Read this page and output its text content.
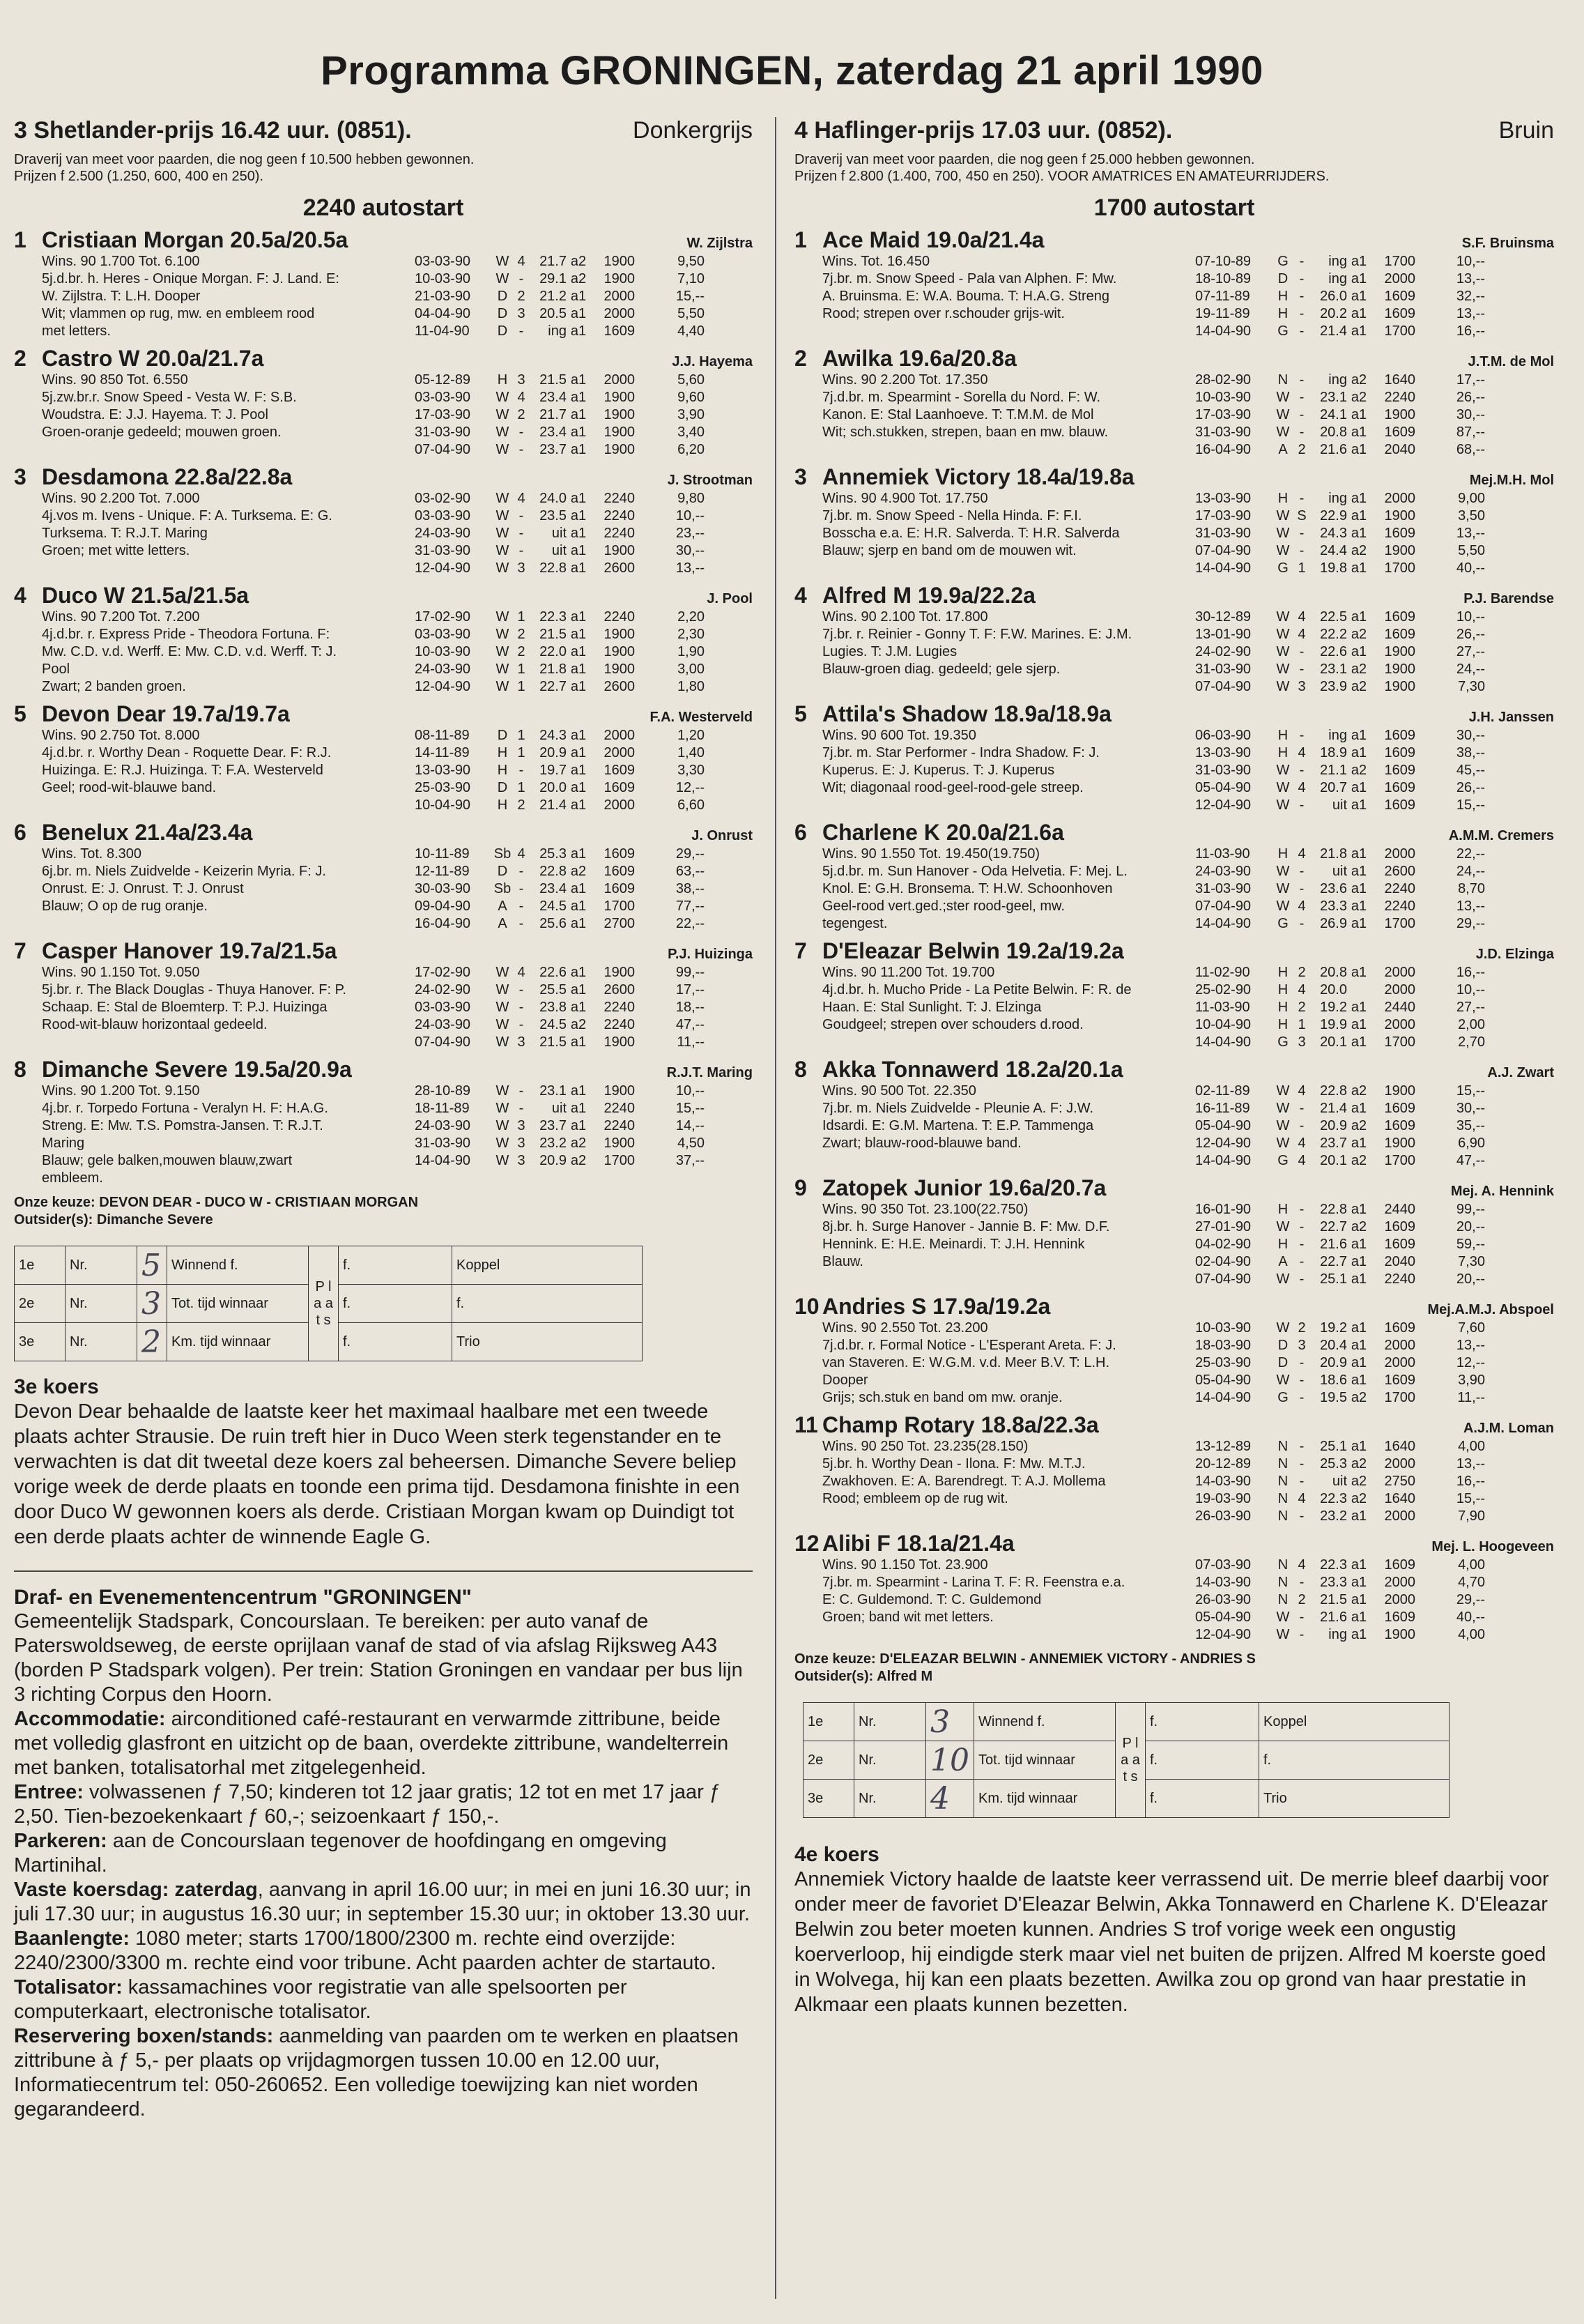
Programma GRONINGEN, zaterdag 21 april 1990
3 Shetlander-prijs 16.42 uur. (0851).	Donkergrijs
Draverij van meet voor paarden, die nog geen f 10.500 hebben gewonnen.
Prijzen f 2.500 (1.250, 600, 400 en 250).
2240 autostart
1 Cristiaan Morgan 20.5a/20.5a	W. Zijlstra
Wins. 90 1.700 Tot. 6.100
5j.d.br. h. Heres - Onique Morgan. F: J. Land. E:
W. Zijlstra. T: L.H. Dooper
Wit; vlammen op rug, mw. en embleem rood
met letters.
03-03-90	W 4	21.7 a2	1900	9,50
10-03-90	W -	29.1 a2	1900	7,10
21-03-90	D 2	21.2 a1	2000	15,--
04-04-90	D 3	20.5 a1	2000	5,50
11-04-90	D -	ing a1	1609	4,40
2 Castro W 20.0a/21.7a	J.J. Hayema
Wins. 90 850 Tot. 6.550
5j.zw.br.r. Snow Speed - Vesta W. F: S.B.
Woudstra. E: J.J. Hayema. T: J. Pool
Groen-oranje gedeeld; mouwen groen.
05-12-89	H 3	21.5 a1	2000	5,60
03-03-90	W 4	23.4 a1	1900	9,60
17-03-90	W 2	21.7 a1	1900	3,90
31-03-90	W -	23.4 a1	1900	3,40
07-04-90	W -	23.7 a1	1900	6,20
3 Desdamona 22.8a/22.8a	J. Strootman
Wins. 90 2.200 Tot. 7.000
4j.vos m. Ivens - Unique. F: A. Turksema. E: G.
Turksema. T: R.J.T. Maring
Groen; met witte letters.
03-02-90	W 4	24.0 a1	2240	9,80
03-03-90	W -	23.5 a1	2240	10,--
24-03-90	W -	uit a1	2240	23,--
31-03-90	W -	uit a1	1900	30,--
12-04-90	W 3	22.8 a1	2600	13,--
4 Duco W 21.5a/21.5a	J. Pool
Wins. 90 7.200 Tot. 7.200
4j.d.br. r. Express Pride - Theodora Fortuna. F:
Mw. C.D. v.d. Werff. E: Mw. C.D. v.d. Werff. T: J.
Pool
Zwart; 2 banden groen.
17-02-90	W 1	22.3 a1	2240	2,20
03-03-90	W 2	21.5 a1	1900	2,30
10-03-90	W 2	22.0 a1	1900	1,90
24-03-90	W 1	21.8 a1	1900	3,00
12-04-90	W 1	22.7 a1	2600	1,80
5 Devon Dear 19.7a/19.7a	F.A. Westerveld
Wins. 90 2.750 Tot. 8.000
4j.d.br. r. Worthy Dean - Roquette Dear. F: R.J.
Huizinga. E: R.J. Huizinga. T: F.A. Westerveld
Geel; rood-wit-blauwe band.
08-11-89	D 1	24.3 a1	2000	1,20
14-11-89	H 1	20.9 a1	2000	1,40
13-03-90	H -	19.7 a1	1609	3,30
25-03-90	D 1	20.0 a1	1609	12,--
10-04-90	H 2	21.4 a1	2000	6,60
6 Benelux 21.4a/23.4a	J. Onrust
Wins. Tot. 8.300
6j.br. m. Niels Zuidvelde - Keizerin Myria. F: J.
Onrust. E: J. Onrust. T: J. Onrust
Blauw; O op de rug oranje.
10-11-89	Sb 4	25.3 a1	1609	29,--
12-11-89	D -	22.8 a2	1609	63,--
30-03-90	Sb -	23.4 a1	1609	38,--
09-04-90	A -	24.5 a1	1700	77,--
16-04-90	A -	25.6 a1	2700	22,--
7 Casper Hanover 19.7a/21.5a	P.J. Huizinga
Wins. 90 1.150 Tot. 9.050
5j.br. r. The Black Douglas - Thuya Hanover. F: P.
Schaap. E: Stal de Bloemterp. T: P.J. Huizinga
Rood-wit-blauw horizontaal gedeeld.
17-02-90	W 4	22.6 a1	1900	99,--
24-02-90	W -	25.5 a1	2600	17,--
03-03-90	W -	23.8 a1	2240	18,--
24-03-90	W -	24.5 a2	2240	47,--
07-04-90	W 3	21.5 a1	1900	11,--
8 Dimanche Severe 19.5a/20.9a	R.J.T. Maring
Wins. 90 1.200 Tot. 9.150
4j.br. r. Torpedo Fortuna - Veralyn H. F: H.A.G.
Streng. E: Mw. T.S. Pomstra-Jansen. T: R.J.T.
Maring
Blauw; gele balken,mouwen blauw,zwart
embleem.
28-10-89	W -	23.1 a1	1900	10,--
18-11-89	W -	uit a1	2240	15,--
24-03-90	W 3	23.7 a1	2240	14,--
31-03-90	W 3	23.2 a2	1900	4,50
14-04-90	W 3	20.9 a2	1700	37,--
Onze keuze: DEVON DEAR - DUCO W - CRISTIAAN MORGAN
Outsider(s): Dimanche Severe
1e	Nr.	5	Winnend f.	P l a a t s	f.	Koppel
2e	Nr.	3	Tot. tijd winnaar		f.	f.
3e	Nr.	2	Km. tijd winnaar		f.	Trio
3e koers
Devon Dear behaalde de laatste keer het maximaal haalbare met een tweede plaats achter Strausie. De ruin treft hier in Duco Ween sterk tegenstander en te verwachten is dat dit tweetal deze koers zal beheersen. Dimanche Severe beliep vorige week de derde plaats en toonde een prima tijd. Desdamona finishte in een door Duco W gewonnen koers als derde. Cristiaan Morgan kwam op Duindigt tot een derde plaats achter de winnende Eagle G.
Draf- en Evenementencentrum "GRONINGEN"

Gemeentelijk Stadspark, Concourslaan. Te bereiken: per auto vanaf de Paterswoldseweg, de eerste oprijlaan vanaf de stad of via afslag Rijksweg A43 (borden P Stadspark volgen). Per trein: Station Groningen en vandaar per bus lijn 3 richting Corpus den Hoorn.

Accommodatie: airconditioned café-restaurant en verwarmde zittribune, beide met volledig glasfront en uitzicht op de baan, overdekte zittribune, wandelterrein met banken, totalisatorhal met zitgelegenheid.

Entree: volwassenen ƒ 7,50; kinderen tot 12 jaar gratis; 12 tot en met 17 jaar ƒ 2,50. Tien-bezoekenkaart ƒ 60,-; seizoenkaart ƒ 150,-.

Parkeren: aan de Concourslaan tegenover de hoofdingang en omgeving Martinihal.

Vaste koersdag: zaterdag, aanvang in april 16.00 uur; in mei en juni 16.30 uur; in juli 17.30 uur; in augustus 16.30 uur; in september 15.30 uur; in oktober 13.30 uur.

Baanlengte: 1080 meter; starts 1700/1800/2300 m. rechte eind overzijde: 2240/2300/3300 m. rechte eind voor tribune. Acht paarden achter de startauto.

Totalisator: kassamachines voor registratie van alle spelsoorten per computerkaart, electronische totalisator.

Reservering boxen/stands: aanmelding van paarden om te werken en plaatsen zittribune à ƒ 5,- per plaats op vrijdagmorgen tussen 10.00 en 12.00 uur, Informatiecentrum tel: 050-260652. Een volledige toewijzing kan niet worden gegarandeerd.

4 Haflinger-prijs 17.03 uur. (0852).	Bruin
Draverij van meet voor paarden, die nog geen f 25.000 hebben gewonnen.
Prijzen f 2.800 (1.400, 700, 450 en 250). VOOR AMATRICES EN AMATEURRIJDERS.
1700 autostart
1 Ace Maid 19.0a/21.4a	S.F. Bruinsma
Wins. Tot. 16.450
7j.br. m. Snow Speed - Pala van Alphen. F: Mw.
A. Bruinsma. E: W.A. Bouma. T: H.A.G. Streng
Rood; strepen over r.schouder grijs-wit.
07-10-89	G -	ing a1	1700	10,--
18-10-89	D -	ing a1	2000	13,--
07-11-89	H -	26.0 a1	1609	32,--
19-11-89	H -	20.2 a1	1609	13,--
14-04-90	G -	21.4 a1	1700	16,--
2 Awilka 19.6a/20.8a	J.T.M. de Mol
Wins. 90 2.200 Tot. 17.350
7j.d.br. m. Spearmint - Sorella du Nord. F: W.
Kanon. E: Stal Laanhoeve. T: T.M.M. de Mol
Wit; sch.stukken, strepen, baan en mw. blauw.
28-02-90	N -	ing a2	1640	17,--
10-03-90	W -	23.1 a2	2240	26,--
17-03-90	W -	24.1 a1	1900	30,--
31-03-90	W -	20.8 a1	1609	87,--
16-04-90	A 2	21.6 a1	2040	68,--
3 Annemiek Victory 18.4a/19.8a	Mej.M.H. Mol
Wins. 90 4.900 Tot. 17.750
7j.br. m. Snow Speed - Nella Hinda. F: F.I.
Bosscha e.a. E: H.R. Salverda. T: H.R. Salverda
Blauw; sjerp en band om de mouwen wit.
13-03-90	H -	ing a1	2000	9,00
17-03-90	W S 22.9 a1	1900	3,50
31-03-90	W -	24.3 a1	1609	13,--
07-04-90	W -	24.4 a2	1900	5,50
14-04-90	G 1	19.8 a1	1700	40,--
4 Alfred M 19.9a/22.2a	P.J. Barendse
Wins. 90 2.100 Tot. 17.800
7j.br. r. Reinier - Gonny T. F: F.W. Marines. E: J.M.
Lugies. T: J.M. Lugies
Blauw-groen diag. gedeeld; gele sjerp.
30-12-89	W 4	22.5 a1	1609	10,--
13-01-90	W 4	22.2 a2	1609	26,--
24-02-90	W -	22.6 a1	1900	27,--
31-03-90	W -	23.1 a2	1900	24,--
07-04-90	W 3	23.9 a2	1900	7,30
5 Attila's Shadow 18.9a/18.9a	J.H. Janssen
Wins. 90 600 Tot. 19.350
7j.br. m. Star Performer - Indra Shadow. F: J.
Kuperus. E: J. Kuperus. T: J. Kuperus
Wit; diagonaal rood-geel-rood-gele streep.
06-03-90	H -	ing a1	1609	30,--
13-03-90	H 4	18.9 a1	1609	38,--
31-03-90	W -	21.1 a2	1609	45,--
05-04-90	W 4	20.7 a1	1609	26,--
12-04-90	W -	uit a1	1609	15,--
6 Charlene K 20.0a/21.6a	A.M.M. Cremers
Wins. 90 1.550 Tot. 19.450(19.750)
5j.d.br. m. Sun Hanover - Oda Helvetia. F: Mej. L.
Knol. E: G.H. Bronsema. T: H.W. Schoonhoven
Geel-rood vert.ged.;ster rood-geel, mw.
tegengest.
11-03-90	H 4	21.8 a1	2000	22,--
24-03-90	W -	uit a1	2600	24,--
31-03-90	W -	23.6 a1	2240	8,70
07-04-90	W 4	23.3 a1	2240	13,--
14-04-90	G -	26.9 a1	1700	29,--
7 D'Eleazar Belwin 19.2a/19.2a	J.D. Elzinga
Wins. 90 11.200 Tot. 19.700
4j.d.br. h. Mucho Pride - La Petite Belwin. F: R. de
Haan. E: Stal Sunlight. T: J. Elzinga
Goudgeel; strepen over schouders d.rood.
11-02-90	H 2	20.8 a1	2000	16,--
25-02-90	H 4	20.0	2000	10,--
11-03-90	H 2	19.2 a1	2440	27,--
10-04-90	H 1	19.9 a1	2000	2,00
14-04-90	G 3	20.1 a1	1700	2,70
8 Akka Tonnawerd 18.2a/20.1a	A.J. Zwart
Wins. 90 500 Tot. 22.350
7j.br. m. Niels Zuidvelde - Pleunie A. F: J.W.
Idsardi. E: G.M. Martena. T: E.P. Tammenga
Zwart; blauw-rood-blauwe band.
02-11-89	W 4	22.8 a2	1900	15,--
16-11-89	W -	21.4 a1	1609	30,--
05-04-90	W -	20.9 a2	1609	35,--
12-04-90	W 4	23.7 a1	1900	6,90
14-04-90	G 4	20.1 a2	1700	47,--
9 Zatopek Junior 19.6a/20.7a	Mej. A. Hennink
Wins. 90 350 Tot. 23.100(22.750)
8j.br. h. Surge Hanover - Jannie B. F: Mw. D.F.
Hennink. E: H.E. Meinardi. T: J.H. Hennink
Blauw.
16-01-90	H -	22.8 a1	2440	99,--
27-01-90	W -	22.7 a2	1609	20,--
04-02-90	H -	21.6 a1	1609	59,--
02-04-90	A -	22.7 a1	2040	7,30
07-04-90	W -	25.1 a1	2240	20,--
10 Andries S 17.9a/19.2a	Mej.A.M.J. Abspoel
Wins. 90 2.550 Tot. 23.200
7j.d.br. r. Formal Notice - L'Esperant Areta. F: J.
van Staveren. E: W.G.M. v.d. Meer B.V. T: L.H.
Dooper
Grijs; sch.stuk en band om mw. oranje.
10-03-90	W 2	19.2 a1	1609	7,60
18-03-90	D 3	20.4 a1	2000	13,--
25-03-90	D -	20.9 a1	2000	12,--
05-04-90	W -	18.6 a1	1609	3,90
14-04-90	G -	19.5 a2	1700	11,--
11 Champ Rotary 18.8a/22.3a	A.J.M. Loman
Wins. 90 250 Tot. 23.235(28.150)
5j.br. h. Worthy Dean - Ilona. F: Mw. M.T.J.
Zwakhoven. E: A. Barendregt. T: A.J. Mollema
Rood; embleem op de rug wit.
13-12-89	N -	25.1 a1	1640	4,00
20-12-89	N -	25.3 a2	2000	13,--
14-03-90	N -	uit a2	2750	16,--
19-03-90	N 4	22.3 a2	1640	15,--
26-03-90	N -	23.2 a1	2000	7,90
12 Alibi F 18.1a/21.4a	Mej. L. Hoogeveen
Wins. 90 1.150 Tot. 23.900
7j.br. m. Spearmint - Larina T. F: R. Feenstra e.a.
E: C. Guldemond. T: C. Guldemond
Groen; band wit met letters.
07-03-90	N 4	22.3 a1	1609	4,00
14-03-90	N -	23.3 a1	2000	4,70
26-03-90	N 2	21.5 a1	2000	29,--
05-04-90	W -	21.6 a1	1609	40,--
12-04-90	W -	ing a1	1900	4,00
Onze keuze: D'ELEAZAR BELWIN - ANNEMIEK VICTORY - ANDRIES S
Outsider(s): Alfred M
1e	Nr.	3	Winnend f.	P l a a t s	f.	Koppel
2e	Nr.	10	Tot. tijd winnaar		f.	f.
3e	Nr.	4	Km. tijd winnaar		f.	Trio
4e koers
Annemiek Victory haalde de laatste keer verrassend uit. De merrie bleef daarbij voor onder meer de favoriet D'Eleazar Belwin, Akka Tonnawerd en Charlene K. D'Eleazar Belwin zou beter moeten kunnen. Andries S trof vorige week een ongustig koerverloop, hij eindigde sterk maar viel net buiten de prijzen. Alfred M koerste goed in Wolvega, hij kan een plaats bezetten. Awilka zou op grond van haar prestatie in Alkmaar een plaats kunnen bezetten.
